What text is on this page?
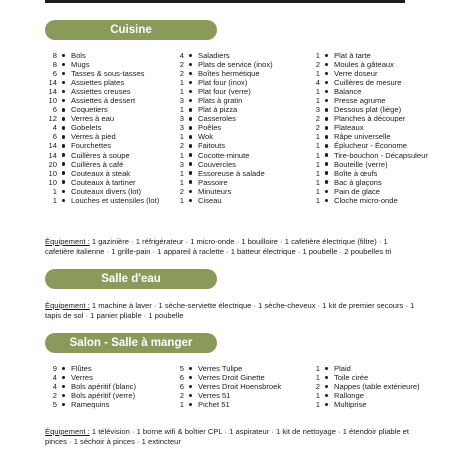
Cuisine
8 Bols
8 Mugs
6 Tasses & sous-tasses
14 Assiettes plates
14 Assiettes creuses
10 Assiettes à dessert
6 Coquetiers
12 Verres à eau
4 Gobelets
6 Verres à pied
14 Fourchettes
14 Cuillères à soupe
20 Cuillères à café
10 Couteaux à steak
10 Couteaux à tartiner
1 Couteaux divers (lot)
1 Louches et ustensiles (lot)
4 Saladiers
2 Plats de service (inox)
2 Boîtes hermétique
1 Plat four (inox)
1 Plat four (verre)
3 Plats à gratin
1 Plat à pizza
3 Casseroles
3 Poêles
1 Wok
2 Faitouts
1 Cocotte-minute
3 Couvercles
1 Essoreuse à salade
1 Passoire
2 Minuteurs
1 Ciseau
1 Plat à tarte
2 Moules à gâteaux
1 Verre doseur
4 Cuillères de mesure
1 Balance
1 Presse agrume
3 Dessous plat (liège)
2 Planches à découper
2 Plateaux
1 Râpe universelle
1 Éplucheur - Économe
1 Tire-bouchon - Décapsuleur
1 Bouteille (verre)
1 Boîte à œufs
1 Bac à glaçons
1 Pain de glace
1 Cloche micro-onde
Équipement : 1 gazinière · 1 réfrigérateur · 1 micro-onde · 1 bouilloire · 1 cafetière électrique (filtre) · 1 cafetière italienne · 1 grille-pain · 1 appareil à raclette · 1 batteur électrique · 1 poubelle · 2 poubelles tri
Salle d'eau
Équipement : 1 machine à laver · 1 sèche-serviette électrique · 1 sèche-cheveux · 1 kit de premier secours · 1 tapis de sol · 1 panier pliable · 1 poubelle
Salon - Salle à manger
9 Flûtes
4 Verres
4 Bols apéritif (blanc)
2 Bols apéritif (verre)
5 Ramequins
5 Verres Tulipe
6 Verres Droit Ginette
6 Verres Droit Hoensbroek
2 Verres 51
1 Pichet 51
1 Plaid
1 Toile cirée
2 Nappes (table extérieure)
1 Rallonge
1 Multiprise
Équipement : 1 télévision · 1 borne wifi & boîtier CPL · 1 aspirateur · 1 kit de nettoyage · 1 étendoir pliable et pinces · 1 séchoir à pinces · 1 extincteur
